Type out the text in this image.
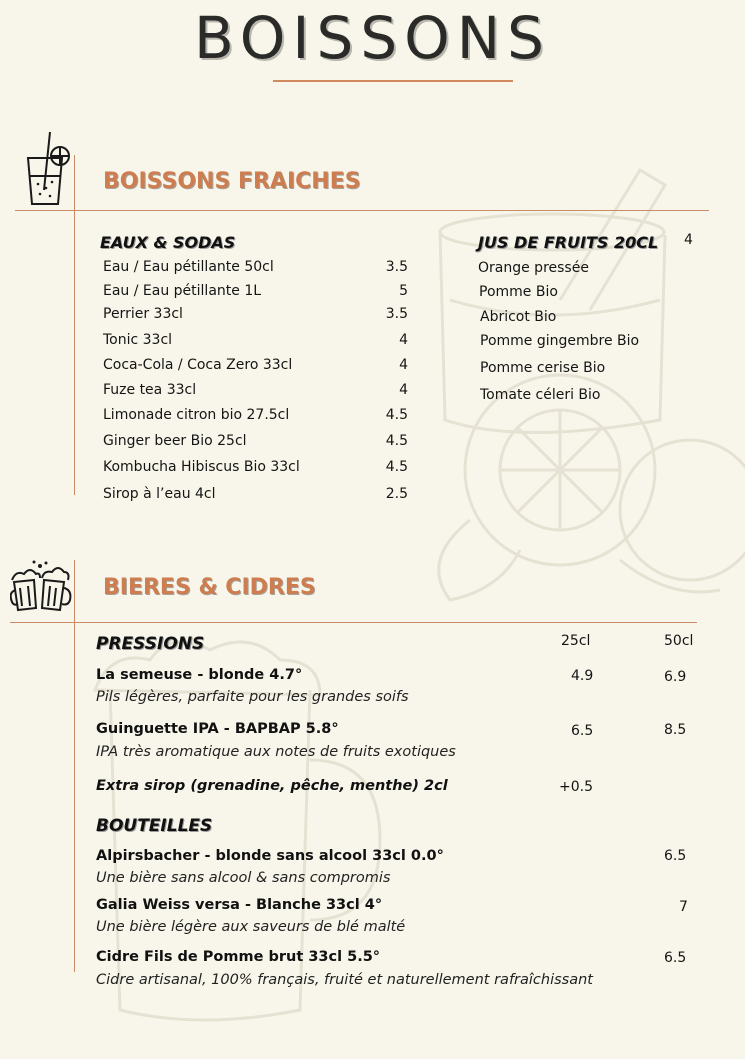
BOISSONS
BOISSONS FRAICHES
EAUX & SODAS
Eau / Eau pétillante 50cl	3.5
Eau / Eau pétillante 1L	5
Perrier 33cl	3.5
Tonic 33cl	4
Coca-Cola / Coca Zero 33cl	4
Fuze tea 33cl	4
Limonade citron bio 27.5cl	4.5
Ginger beer Bio 25cl	4.5
Kombucha Hibiscus Bio 33cl	4.5
Sirop à l’eau 4cl	2.5
JUS DE FRUITS 20CL 4
Orange pressée
Pomme Bio
Abricot Bio
Pomme gingembre Bio
Pomme cerise Bio
Tomate céleri Bio
BIERES & CIDRES
PRESSIONS	25cl	50cl
La semeuse - blonde 4.7°
Pils légères, parfaite pour les grandes soifs
4.9	6.9
Guinguette IPA - BAPBAP 5.8°
IPA très aromatique aux notes de fruits exotiques
6.5	8.5
Extra sirop (grenadine, pêche, menthe) 2cl	+0.5
BOUTEILLES
Alpirsbacher - blonde sans alcool 33cl 0.0°
Une bière sans alcool & sans compromis
6.5
Galia Weiss versa - Blanche 33cl 4°
Une bière légère aux saveurs de blé malté
7
Cidre Fils de Pomme brut 33cl 5.5°
Cidre artisanal, 100% français, fruité et naturellement rafraîchissant
6.5
